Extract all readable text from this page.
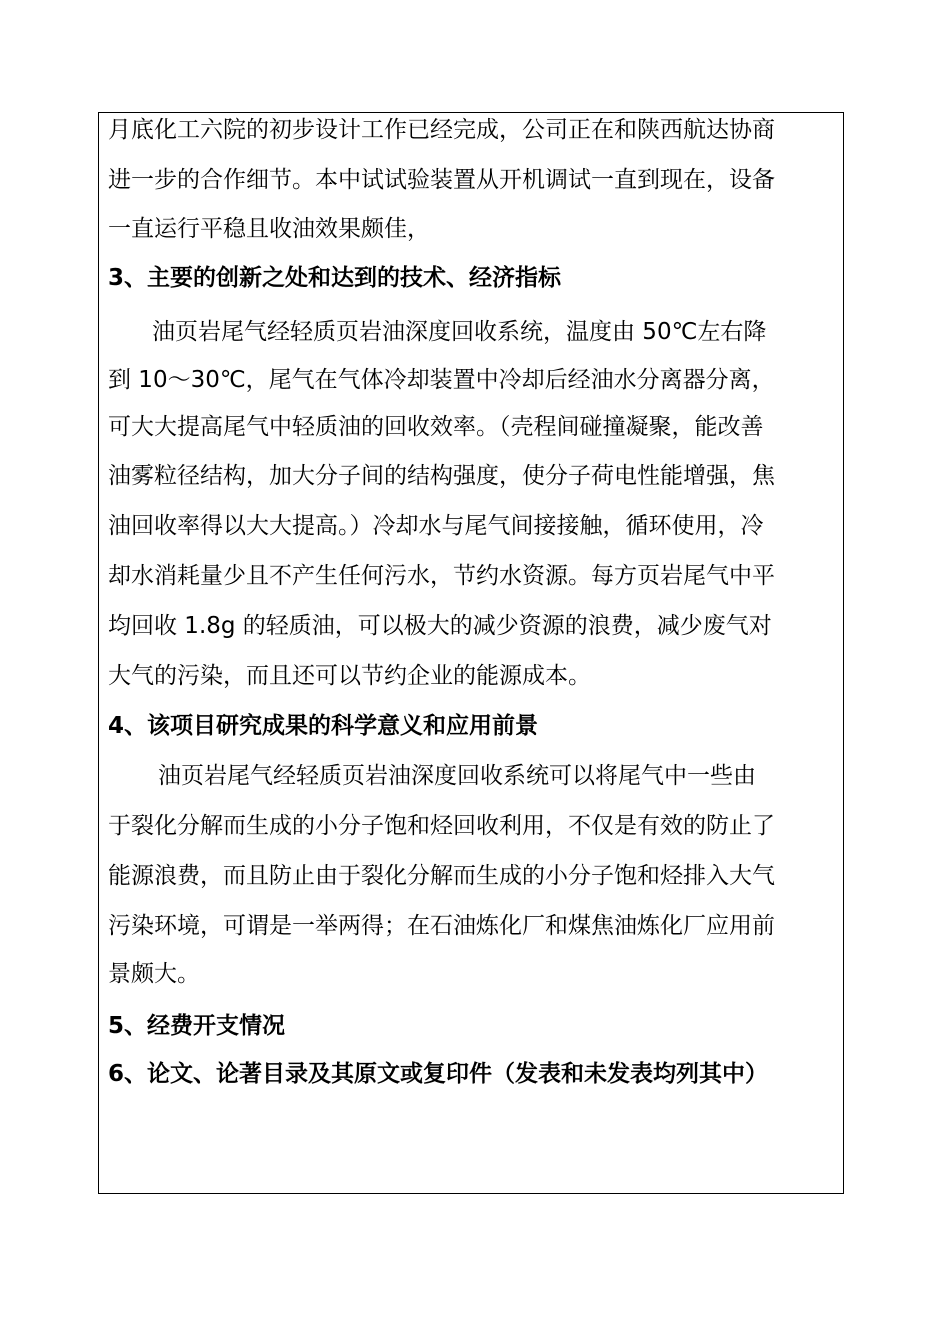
月底化工六院的初步设计工作已经完成，公司正在和陕西航达协商
进一步的合作细节。本中试试验装置从开机调试一直到现在，设备
一直运行平稳且收油效果颇佳，
3、主要的创新之处和达到的技术、经济指标
油页岩尾气经轻质页岩油深度回收系统，温度由 50℃左右降
到 10～30℃，尾气在气体冷却装置中冷却后经油水分离器分离，
可大大提高尾气中轻质油的回收效率。（壳程间碰撞凝聚，能改善
油雾粒径结构，加大分子间的结构强度，使分子荷电性能增强，焦
油回收率得以大大提高。）冷却水与尾气间接接触，循环使用，冷
却水消耗量少且不产生任何污水，节约水资源。每方页岩尾气中平
均回收 1.8g 的轻质油，可以极大的减少资源的浪费，减少废气对
大气的污染，而且还可以节约企业的能源成本。
4、该项目研究成果的科学意义和应用前景
油页岩尾气经轻质页岩油深度回收系统可以将尾气中一些由
于裂化分解而生成的小分子饱和烃回收利用，不仅是有效的防止了
能源浪费，而且防止由于裂化分解而生成的小分子饱和烃排入大气
污染环境，可谓是一举两得；在石油炼化厂和煤焦油炼化厂应用前
景颇大。
5、经费开支情况
6、论文、论著目录及其原文或复印件（发表和未发表均列其中）
